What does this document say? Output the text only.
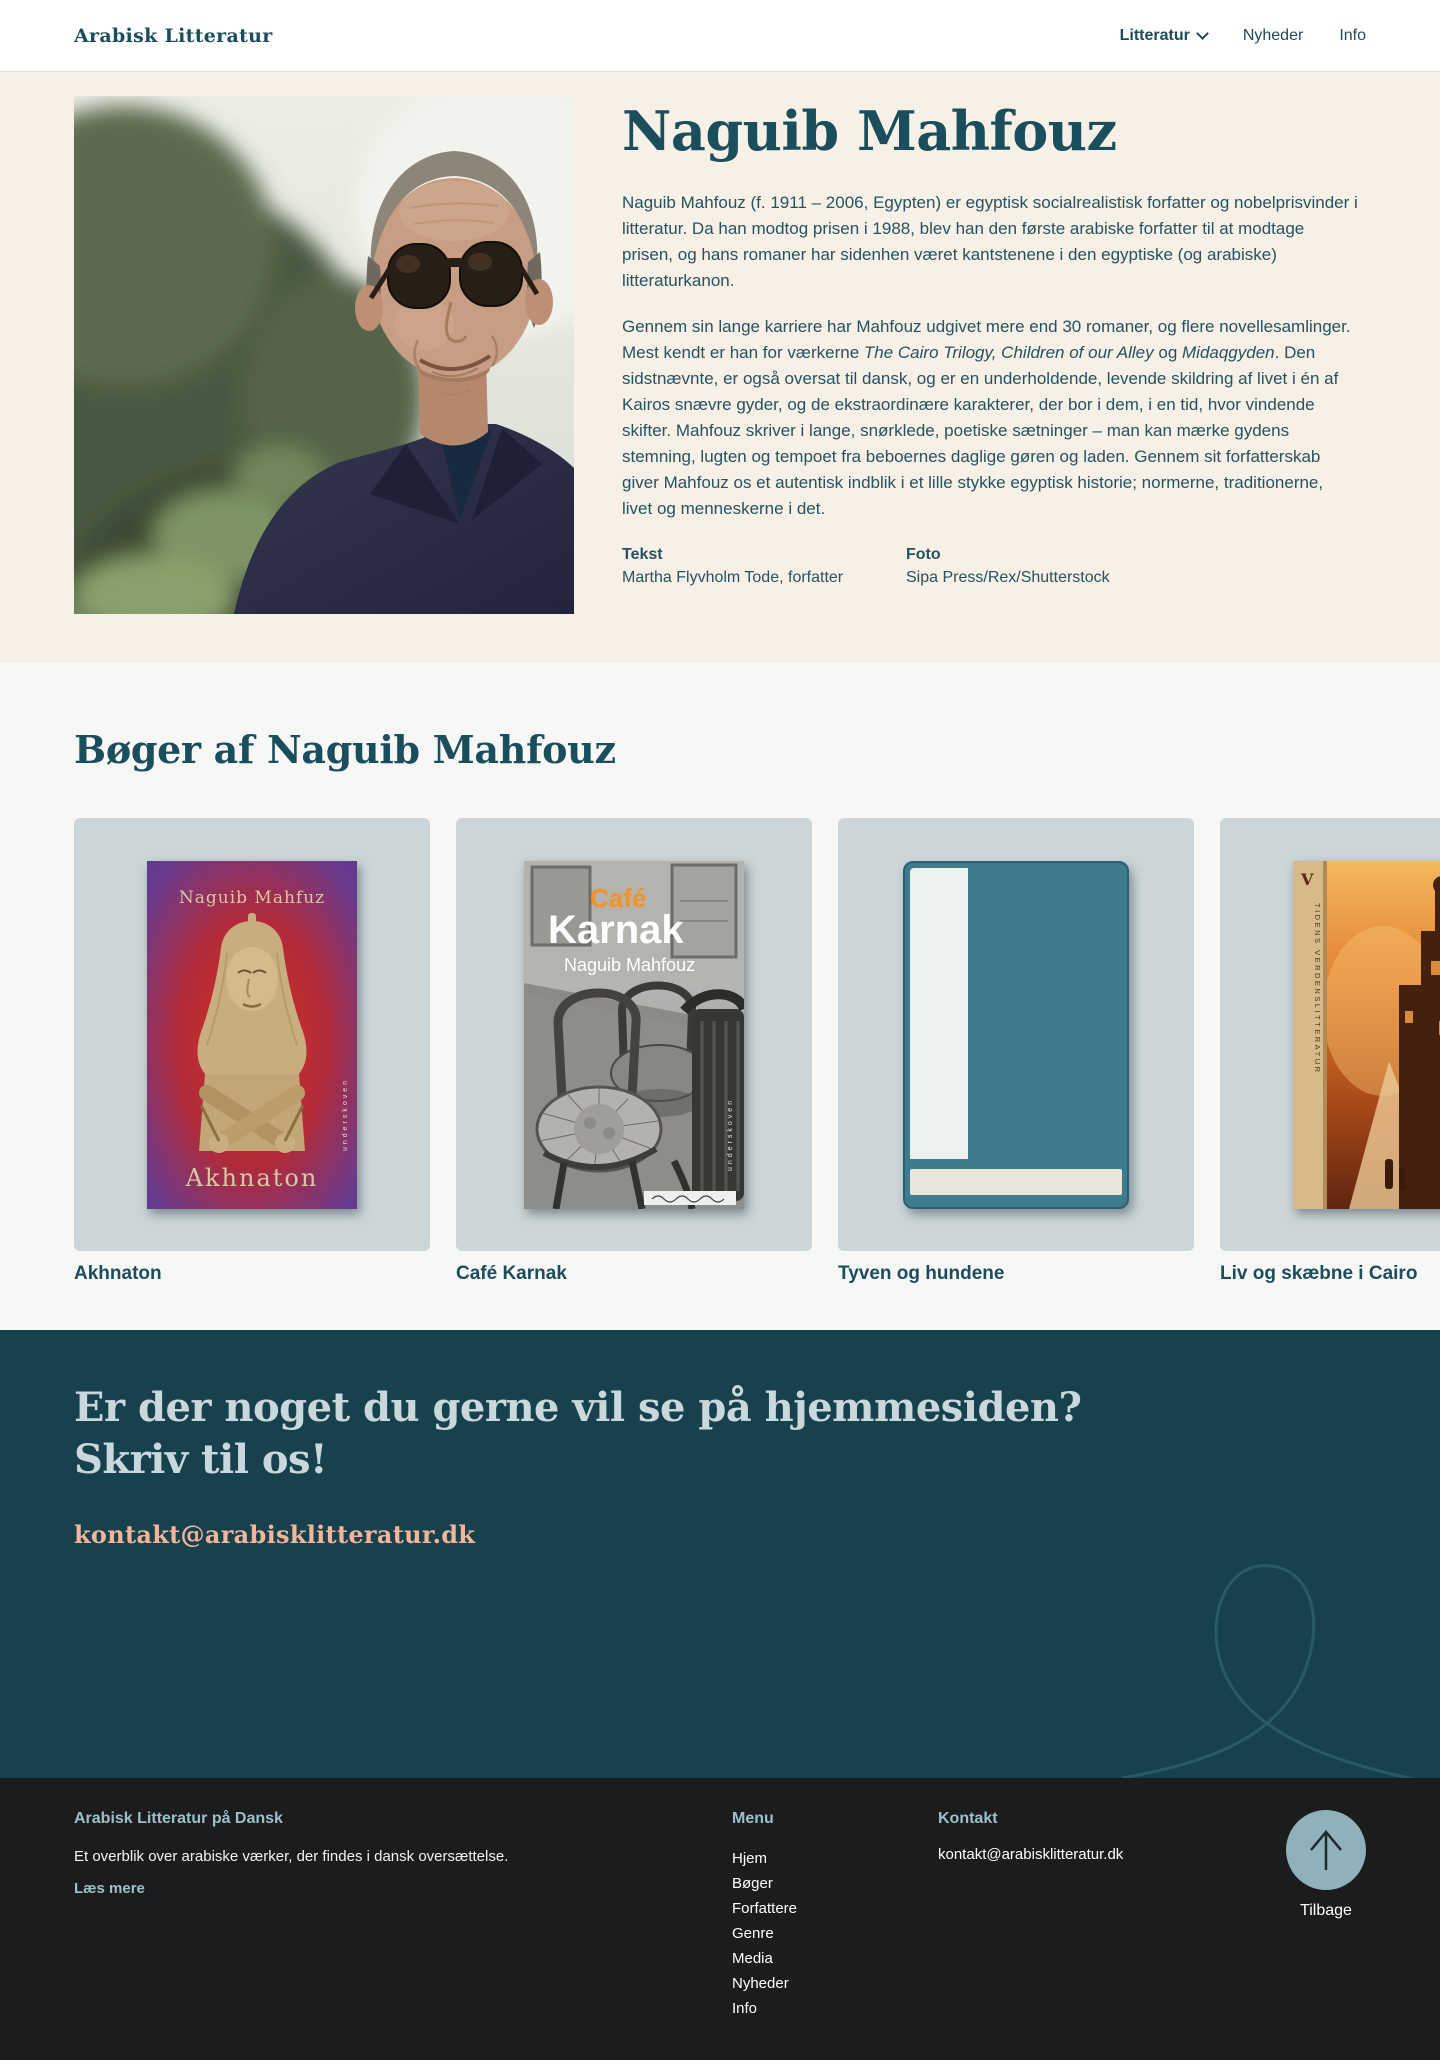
Arabisk Litteratur	Litteratur	Nyheder Info
Naguib Mahfouz

Naguib Mahfouz (f. 1911 – 2006, Egypten) er egyptisk socialrealistisk forfatter og nobelprisvinder i litteratur. Da han modtog prisen i 1988, blev han den første arabiske forfatter til at modtage prisen, og hans romaner har sidenhen været kantstenene i den egyptiske (og arabiske) litteraturkanon.

Gennem sin lange karriere har Mahfouz udgivet mere end 30 romaner, og flere novellesamlinger. Mest kendt er han for værkerne The Cairo Trilogy, Children of our Alley og Midaqgyden. Den sidstnævnte, er også oversat til dansk, og er en underholdende, levende skildring af livet i én af Kairos snævre gyder, og de ekstraordinære karakterer, der bor i dem, i en tid, hvor vindende skifter. Mahfouz skriver i lange, snørklede, poetiske sætninger – man kan mærke gydens stemning, lugten og tempoet fra beboernes daglige gøren og laden. Gennem sit forfatterskab giver Mahfouz os et autentisk indblik i et lille stykke egyptisk historie; normerne, traditionerne, livet og menneskerne i det.

Tekst
Martha Flyvholm Tode, forfatter
Foto
Sipa Press/Rex/Shutterstock
Bøger af Naguib Mahfouz
Naguib Mahfuz
Akhnaton
underskoven
Akhnaton
Café
Karnak
Naguib Mahfouz
underskoven
Café Karnak	Tyven og hundene
V
TIDENS VERDENSLITTERATUR
Liv og skæbne i Cairo
Er der noget du gerne vil se på hjemmesiden?
Skriv til os!
kontakt@arabisklitteratur.dk
Arabisk Litteratur på Dansk

Et overblik over arabiske værker, der findes i dansk oversættelse.

Læs mere
Menu
Hjem
Bøger
Forfattere
Genre
Media
Nyheder
Info
Kontakt
kontakt@arabisklitteratur.dk
Tilbage
